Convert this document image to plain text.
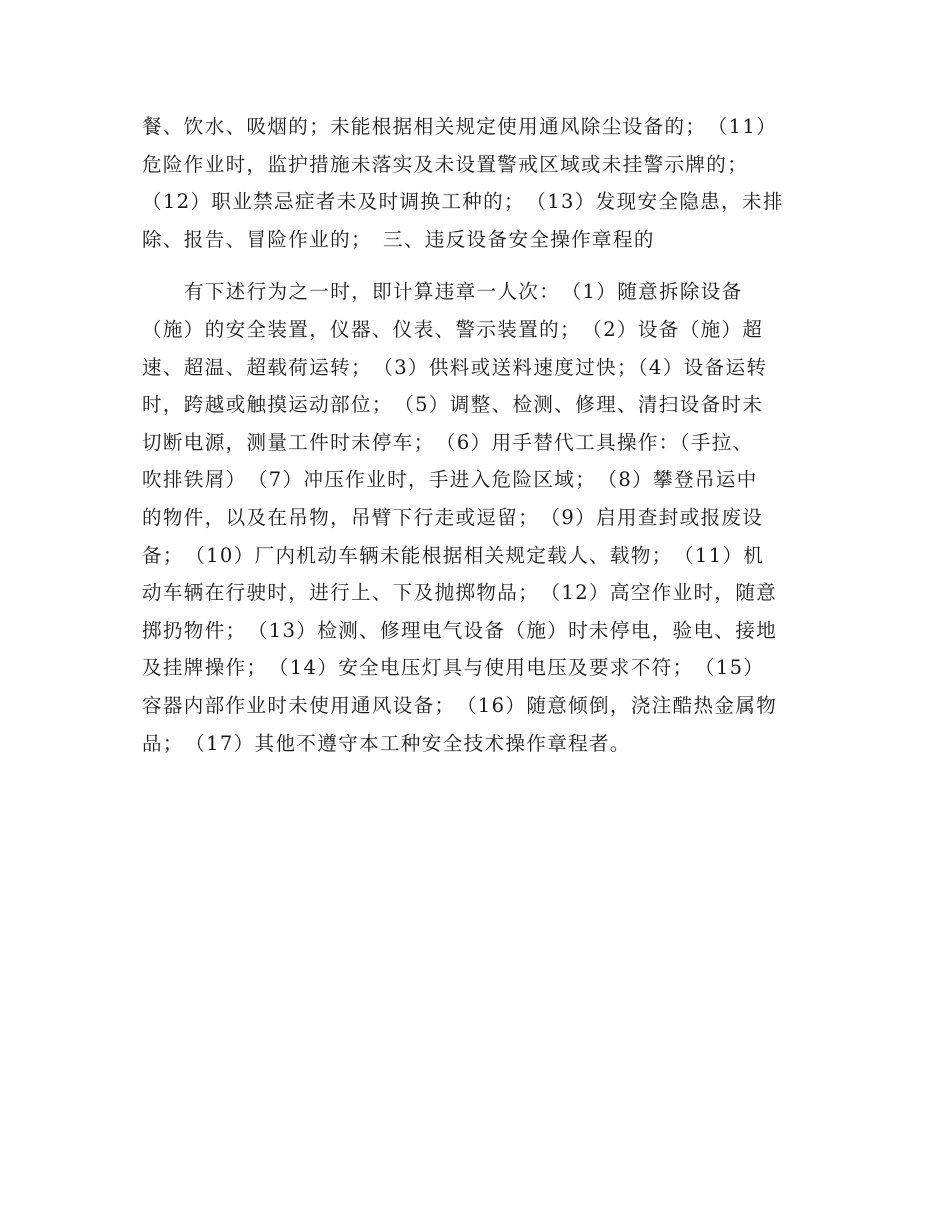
餐、饮水、吸烟的；未能根据相关规定使用通风除尘设备的；　（11）
危险作业时，监护措施未落实及未设置警戒区域或未挂警示牌的；
（12）职业禁忌症者未及时调换工种的；　（13）发现安全隐患，未排
除、报告、冒险作业的；　三、违反设备安全操作章程的
有下述行为之一时，即计算违章一人次：　（1）随意拆除设备
（施）的安全装置，仪器、仪表、警示装置的；　（2）设备（施）超
速、超温、超载荷运转；　（3）供料或送料速度过快；（4）设备运转
时，跨越或触摸运动部位；　（5）调整、检测、修理、清扫设备时未
切断电源，测量工件时未停车；　（6）用手替代工具操作：（手拉、
吹排铁屑）　（7）冲压作业时，手进入危险区域；　（8）攀登吊运中
的物件，以及在吊物，吊臂下行走或逗留；　（9）启用查封或报废设
备；　（10）厂内机动车辆未能根据相关规定载人、载物；　（11）机
动车辆在行驶时，进行上、下及抛掷物品；　（12）高空作业时，随意
掷扔物件；　（13）检测、修理电气设备（施）时未停电，验电、接地
及挂牌操作；　（14）安全电压灯具与使用电压及要求不符；　（15）
容器内部作业时未使用通风设备；　（16）随意倾倒，浇注酷热金属物
品；　（17）其他不遵守本工种安全技术操作章程者。
